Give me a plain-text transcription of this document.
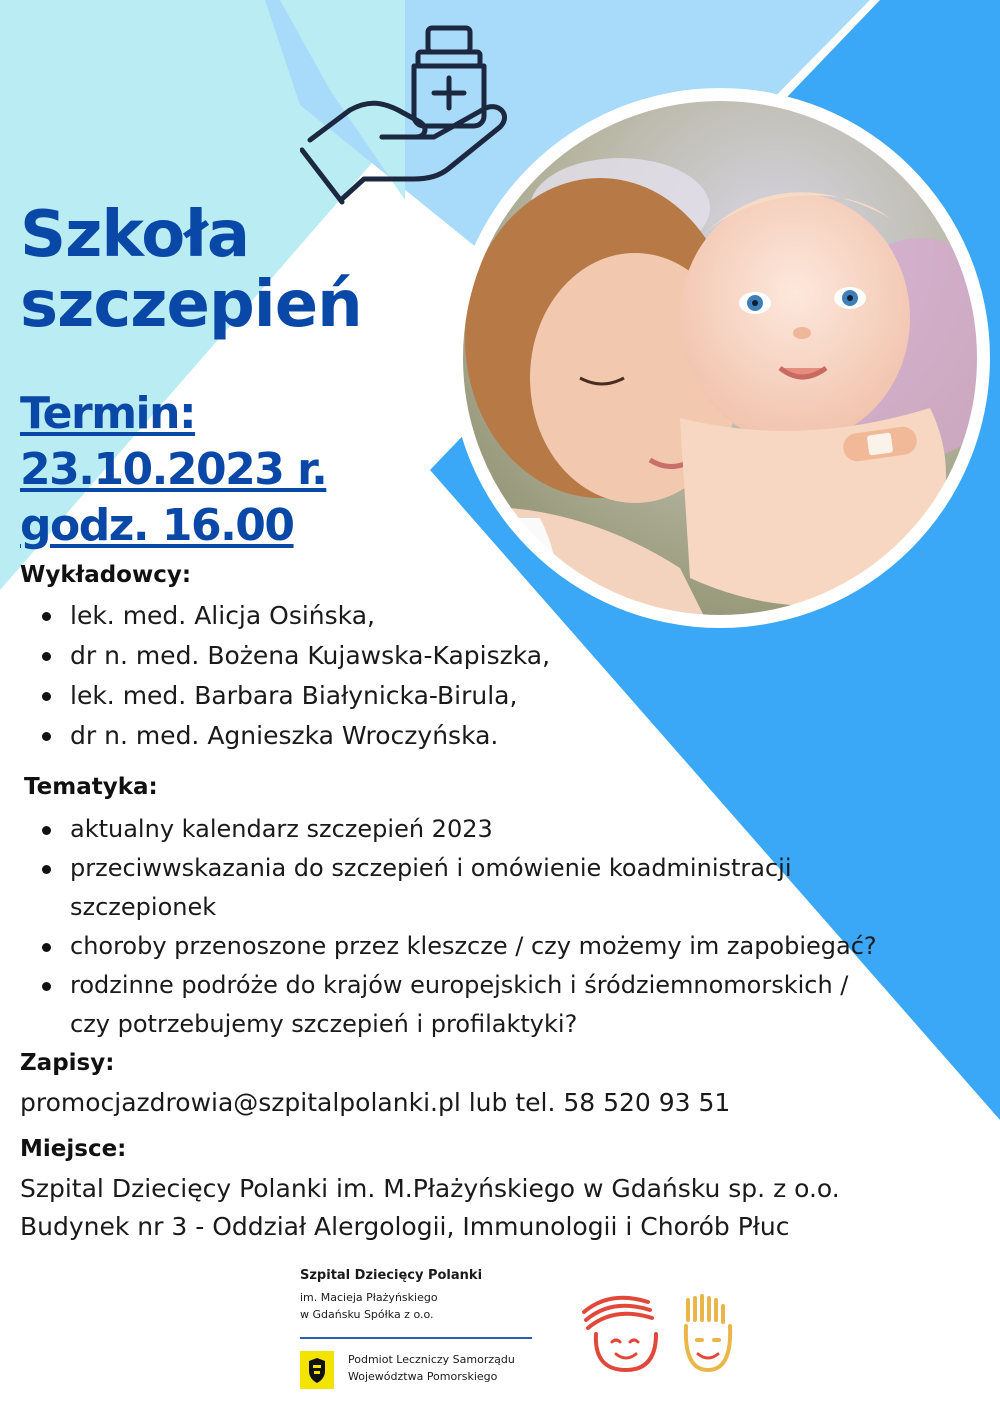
Szkoła
szczepień
Termin:
23.10.2023 r.
godz. 16.00

Wykładowcy:

lek. med. Alicja Osińska,
dr n. med. Bożena Kujawska-Kapiszka,
lek. med. Barbara Białynicka-Birula,
dr n. med. Agnieszka Wroczyńska.

Tematyka:

aktualny kalendarz szczepień 2023
przeciwwskazania do szczepień i omówienie koadministracji
szczepionek
choroby przenoszone przez kleszcze / czy możemy im zapobiegać?
rodzinne podróże do krajów europejskich i śródziemnomorskich /
czy potrzebujemy szczepień i profilaktyki?

Zapisy:

promocjazdrowia@szpitalpolanki.pl lub tel. 58 520 93 51

Miejsce:

Szpital Dziecięcy Polanki im. M.Płażyńskiego w Gdańsku sp. z o.o.

Budynek nr 3 - Oddział Alergologii, Immunologii i Chorób Płuc

Szpital Dziecięcy Polanki

im. Macieja Płażyńskiego

w Gdańsku Spółka z o.o.

Podmiot Leczniczy Samorządu

Województwa Pomorskiego
